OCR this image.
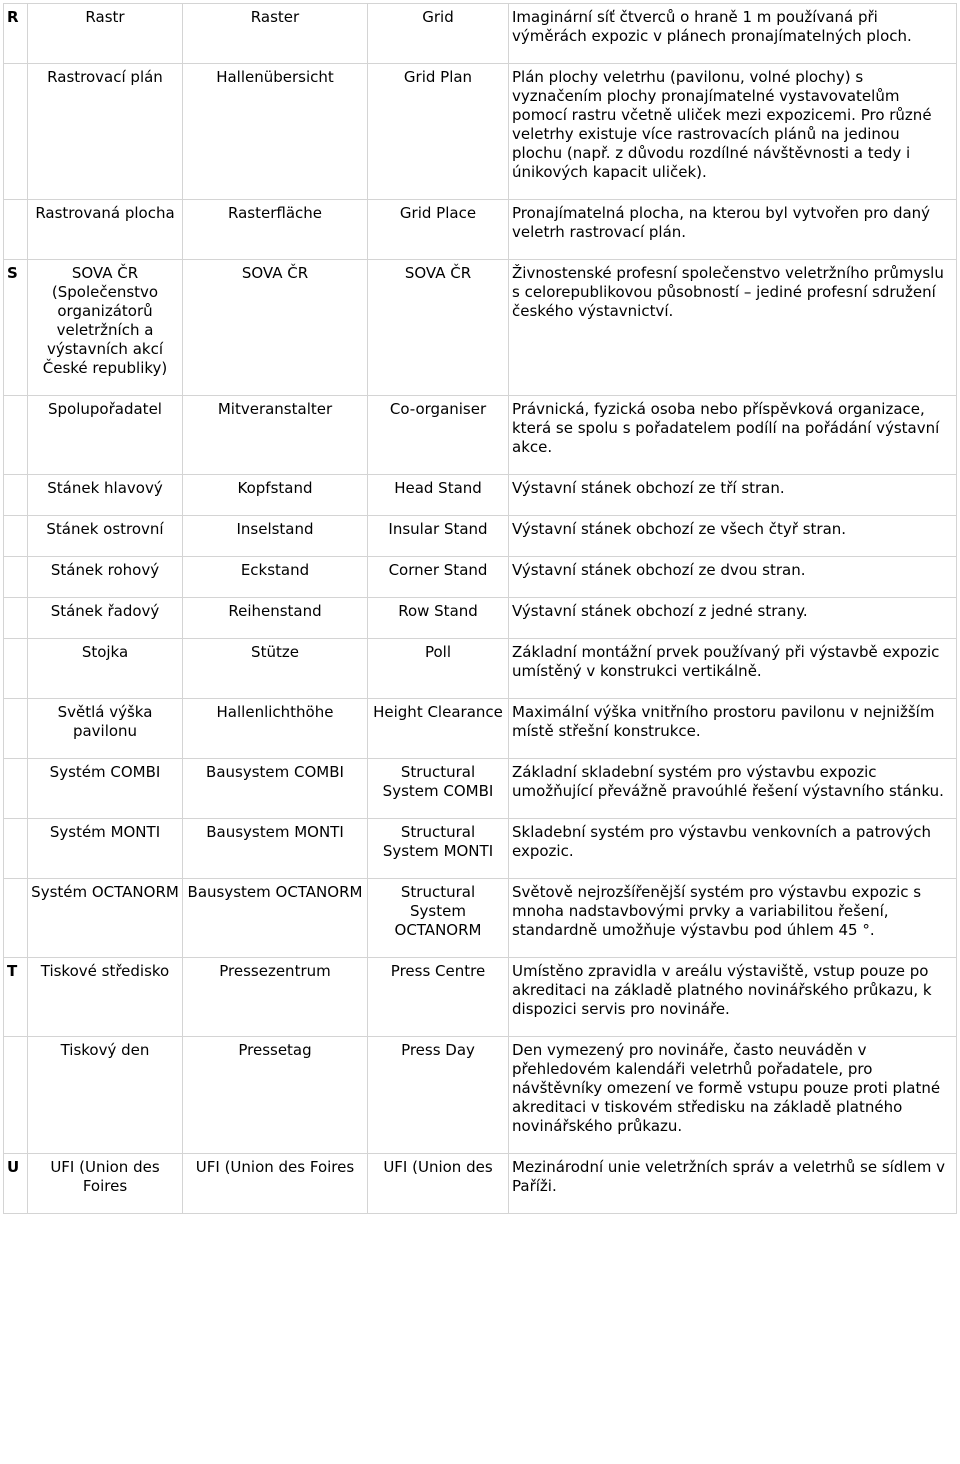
R	Rastr	Raster	Grid	Imaginární síť čtverců o hraně 1 m používaná při výměrách expozic v plánech pronajímatelných ploch.
	Rastrovací plán	Hallenübersicht	Grid Plan	Plán plochy veletrhu (pavilonu, volné plochy) s vyznačením plochy pronajímatelné vystavovatelům pomocí rastru včetně uliček mezi expozicemi. Pro různé veletrhy existuje více rastrovacích plánů na jedinou plochu (např. z důvodu rozdílné návštěvnosti a tedy i únikových kapacit uliček).
	Rastrovaná plocha	Rasterfläche	Grid Place	Pronajímatelná plocha, na kterou byl vytvořen pro daný veletrh rastrovací plán.
S	SOVA ČR (Společenstvo organizátorů veletržních a výstavních akcí České republiky)	SOVA ČR	SOVA ČR	Živnostenské profesní společenstvo veletržního průmyslu s celorepublikovou působností – jediné profesní sdružení českého výstavnictví.
	Spolupořadatel	Mitveranstalter	Co-organiser	Právnická, fyzická osoba nebo příspěvková organizace, která se spolu s pořadatelem podílí na pořádání výstavní akce.
	Stánek hlavový	Kopfstand	Head Stand	Výstavní stánek obchozí ze tří stran.
	Stánek ostrovní	Inselstand	Insular Stand	Výstavní stánek obchozí ze všech čtyř stran.
	Stánek rohový	Eckstand	Corner Stand	Výstavní stánek obchozí ze dvou stran.
	Stánek řadový	Reihenstand	Row Stand	Výstavní stánek obchozí z jedné strany.
	Stojka	Stütze	Poll	Základní montážní prvek používaný při výstavbě expozic umístěný v konstrukci vertikálně.
	Světlá výška pavilonu	Hallenlichthöhe	Height Clearance	Maximální výška vnitřního prostoru pavilonu v nejnižším místě střešní konstrukce.
	Systém COMBI	Bausystem COMBI	Structural System COMBI	Základní skladební systém pro výstavbu expozic umožňující převážně pravoúhlé řešení výstavního stánku.
	Systém MONTI	Bausystem MONTI	Structural System MONTI	Skladební systém pro výstavbu venkovních a patrových expozic.
	Systém OCTANORM	Bausystem OCTANORM	Structural System OCTANORM	Světově nejrozšířenější systém pro výstavbu expozic s mnoha nadstavbovými prvky a variabilitou řešení, standardně umožňuje výstavbu pod úhlem 45 °.
T	Tiskové středisko	Pressezentrum	Press Centre	Umístěno zpravidla v areálu výstaviště, vstup pouze po akreditaci na základě platného novinářského průkazu, k dispozici servis pro novináře.
	Tiskový den	Pressetag	Press Day	Den vymezený pro novináře, často neuváděn v přehledovém kalendáři veletrhů pořadatele, pro návštěvníky omezení ve formě vstupu pouze proti platné akreditaci v tiskovém středisku na základě platného novinářského průkazu.
U	UFI (Union des Foires	UFI (Union des Foires	UFI (Union des	Mezinárodní unie veletržních správ a veletrhů se sídlem v Paříži.
